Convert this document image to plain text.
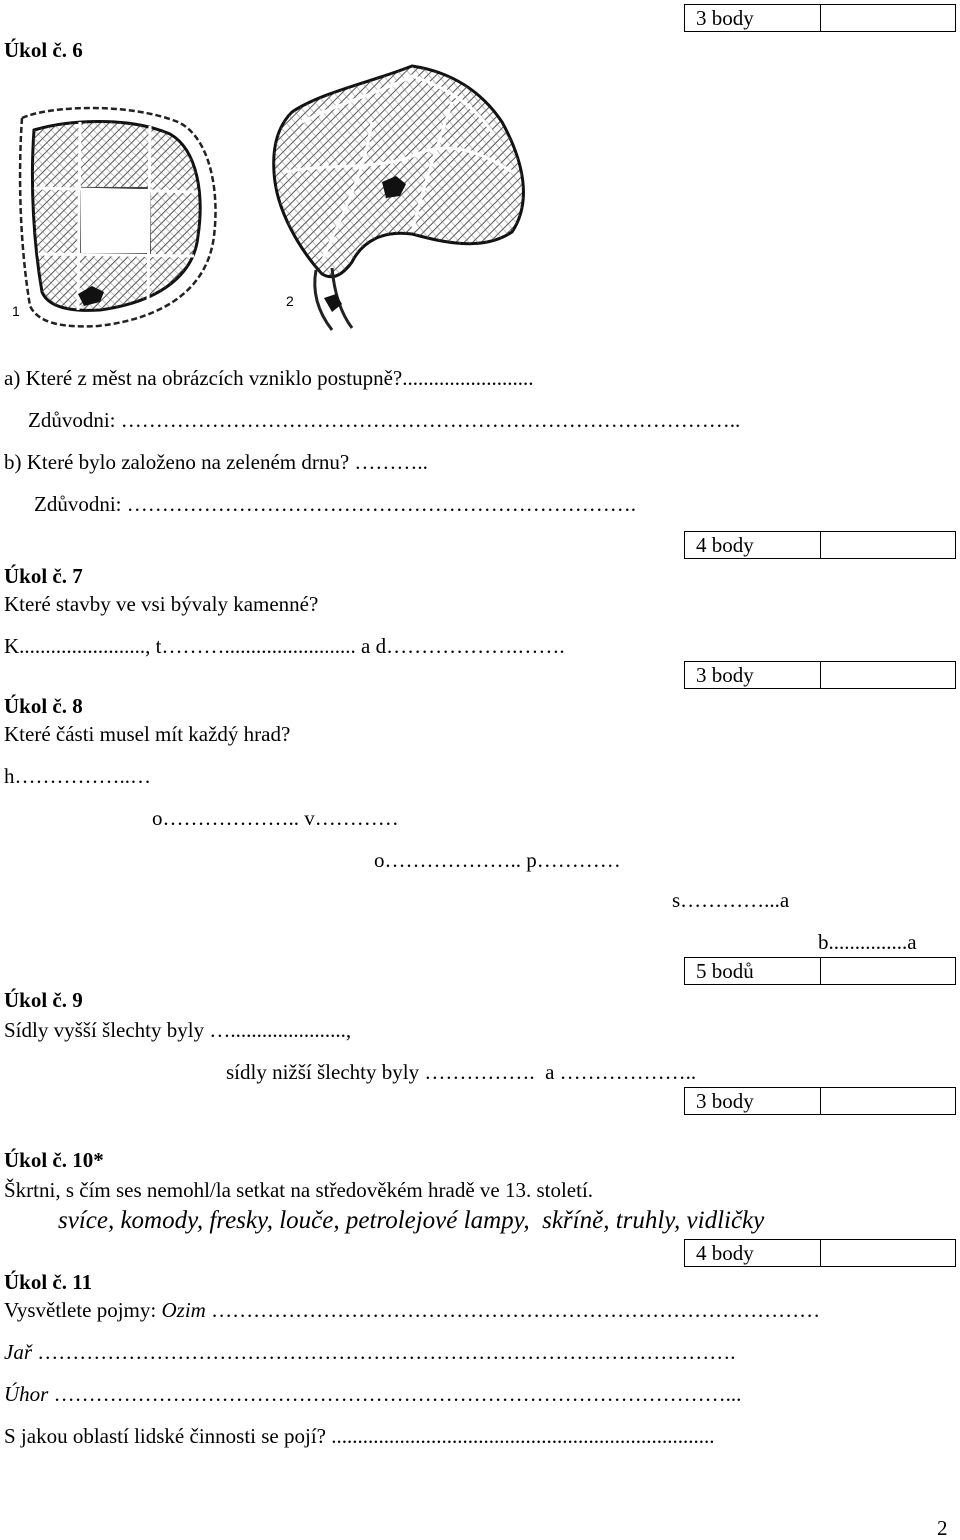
Úkol č. 6
3 body
1
2
a) Které z měst na obrázcích vzniklo postupně?.........................
Zdůvodni: ……………………………………………………………………………..
b) Které bylo založeno na zeleném drnu? ………..
Zdůvodni: ……………………………………………………………….
4 body
Úkol č. 7
Které stavby ve vsi bývaly kamenné?
K........................, t………......................... a d……………….…….
3 body
Úkol č. 8
Které části musel mít každý hrad?
h……………..…
o……………….. v…………
o……………….. p…………
s…………...a
b...............a
5 bodů
Úkol č. 9
Sídly vyšší šlechty byly …......................,
sídly nižší šlechty byly …………….  a ………………..
3 body
Úkol č. 10*
Škrtni, s čím ses nemohl/la setkat na středověkém hradě ve 13. století.
svíce, komody, fresky, louče, petrolejové lampy,  skříně, truhly, vidličky
4 body
Úkol č. 11
Vysvětlete pojmy: Ozim ……………………………………………………………………………
Jař ……………………………………………………………………………………….
Úhor ……………………………………………………………………………………...
S jakou oblastí lidské činnosti se pojí? .........................................................................
2
